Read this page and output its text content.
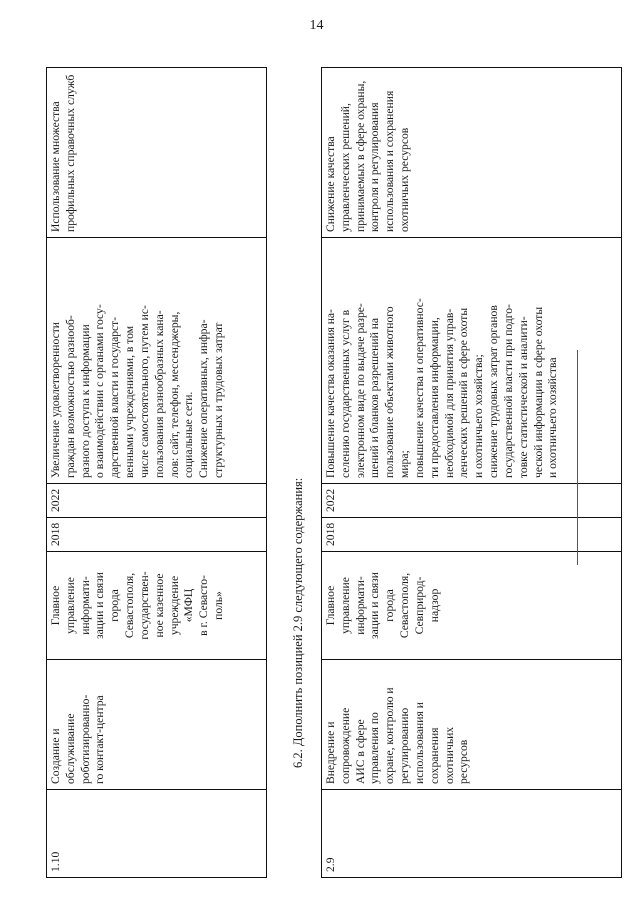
14
1.10	Создание и
обслуживание
роботизированно-
го контакт-центра	Главное
управление
информати-
зации и связи
города
Севастополя,
государствен-
ное казенное
учреждение
«МФЦ
в г. Севасто-
поль»	2018	2022	Увеличение удовлетворенности
граждан возможностью разнооб-
разного доступа к информации
о взаимодействии с органами госу-
дарственной власти и государст-
венными учреждениями, в том
числе самостоятельного, путем ис-
пользования разнообразных кана-
лов: сайт, телефон, мессенджеры,
социальные сети.
Снижение оперативных, инфра-
структурных и трудовых затрат	Использование множества
профильных справочных служб
6.2. Дополнить позицией 2.9 следующего содержания:
2.9	Внедрение и
сопровождение
АИС в сфере
управления по
охране, контролю и
регулированию
использования и
сохранения
охотничьих
ресурсов	Главное
управление
информати-
зации и связи
города
Севастополя,
Севприрод-
надзор	2018	2022	Повышение качества оказания на-
селению государственных услуг в
электронном виде по выдаче разре-
шений и бланков разрешений на
пользование объектами животного
мира;
повышение качества и оперативнос-
ти предоставления информации,
необходимой для принятия управ-
ленческих решений в сфере охоты
и охотничьего хозяйства;
снижение трудовых затрат органов
государственной власти при подго-
товке статистической и аналити-
ческой информации в сфере охоты
и охотничьего хозяйства	Снижение качества
управленческих решений,
принимаемых в сфере охраны,
контроля и регулирования
использования и сохранения
охотничьих ресурсов
